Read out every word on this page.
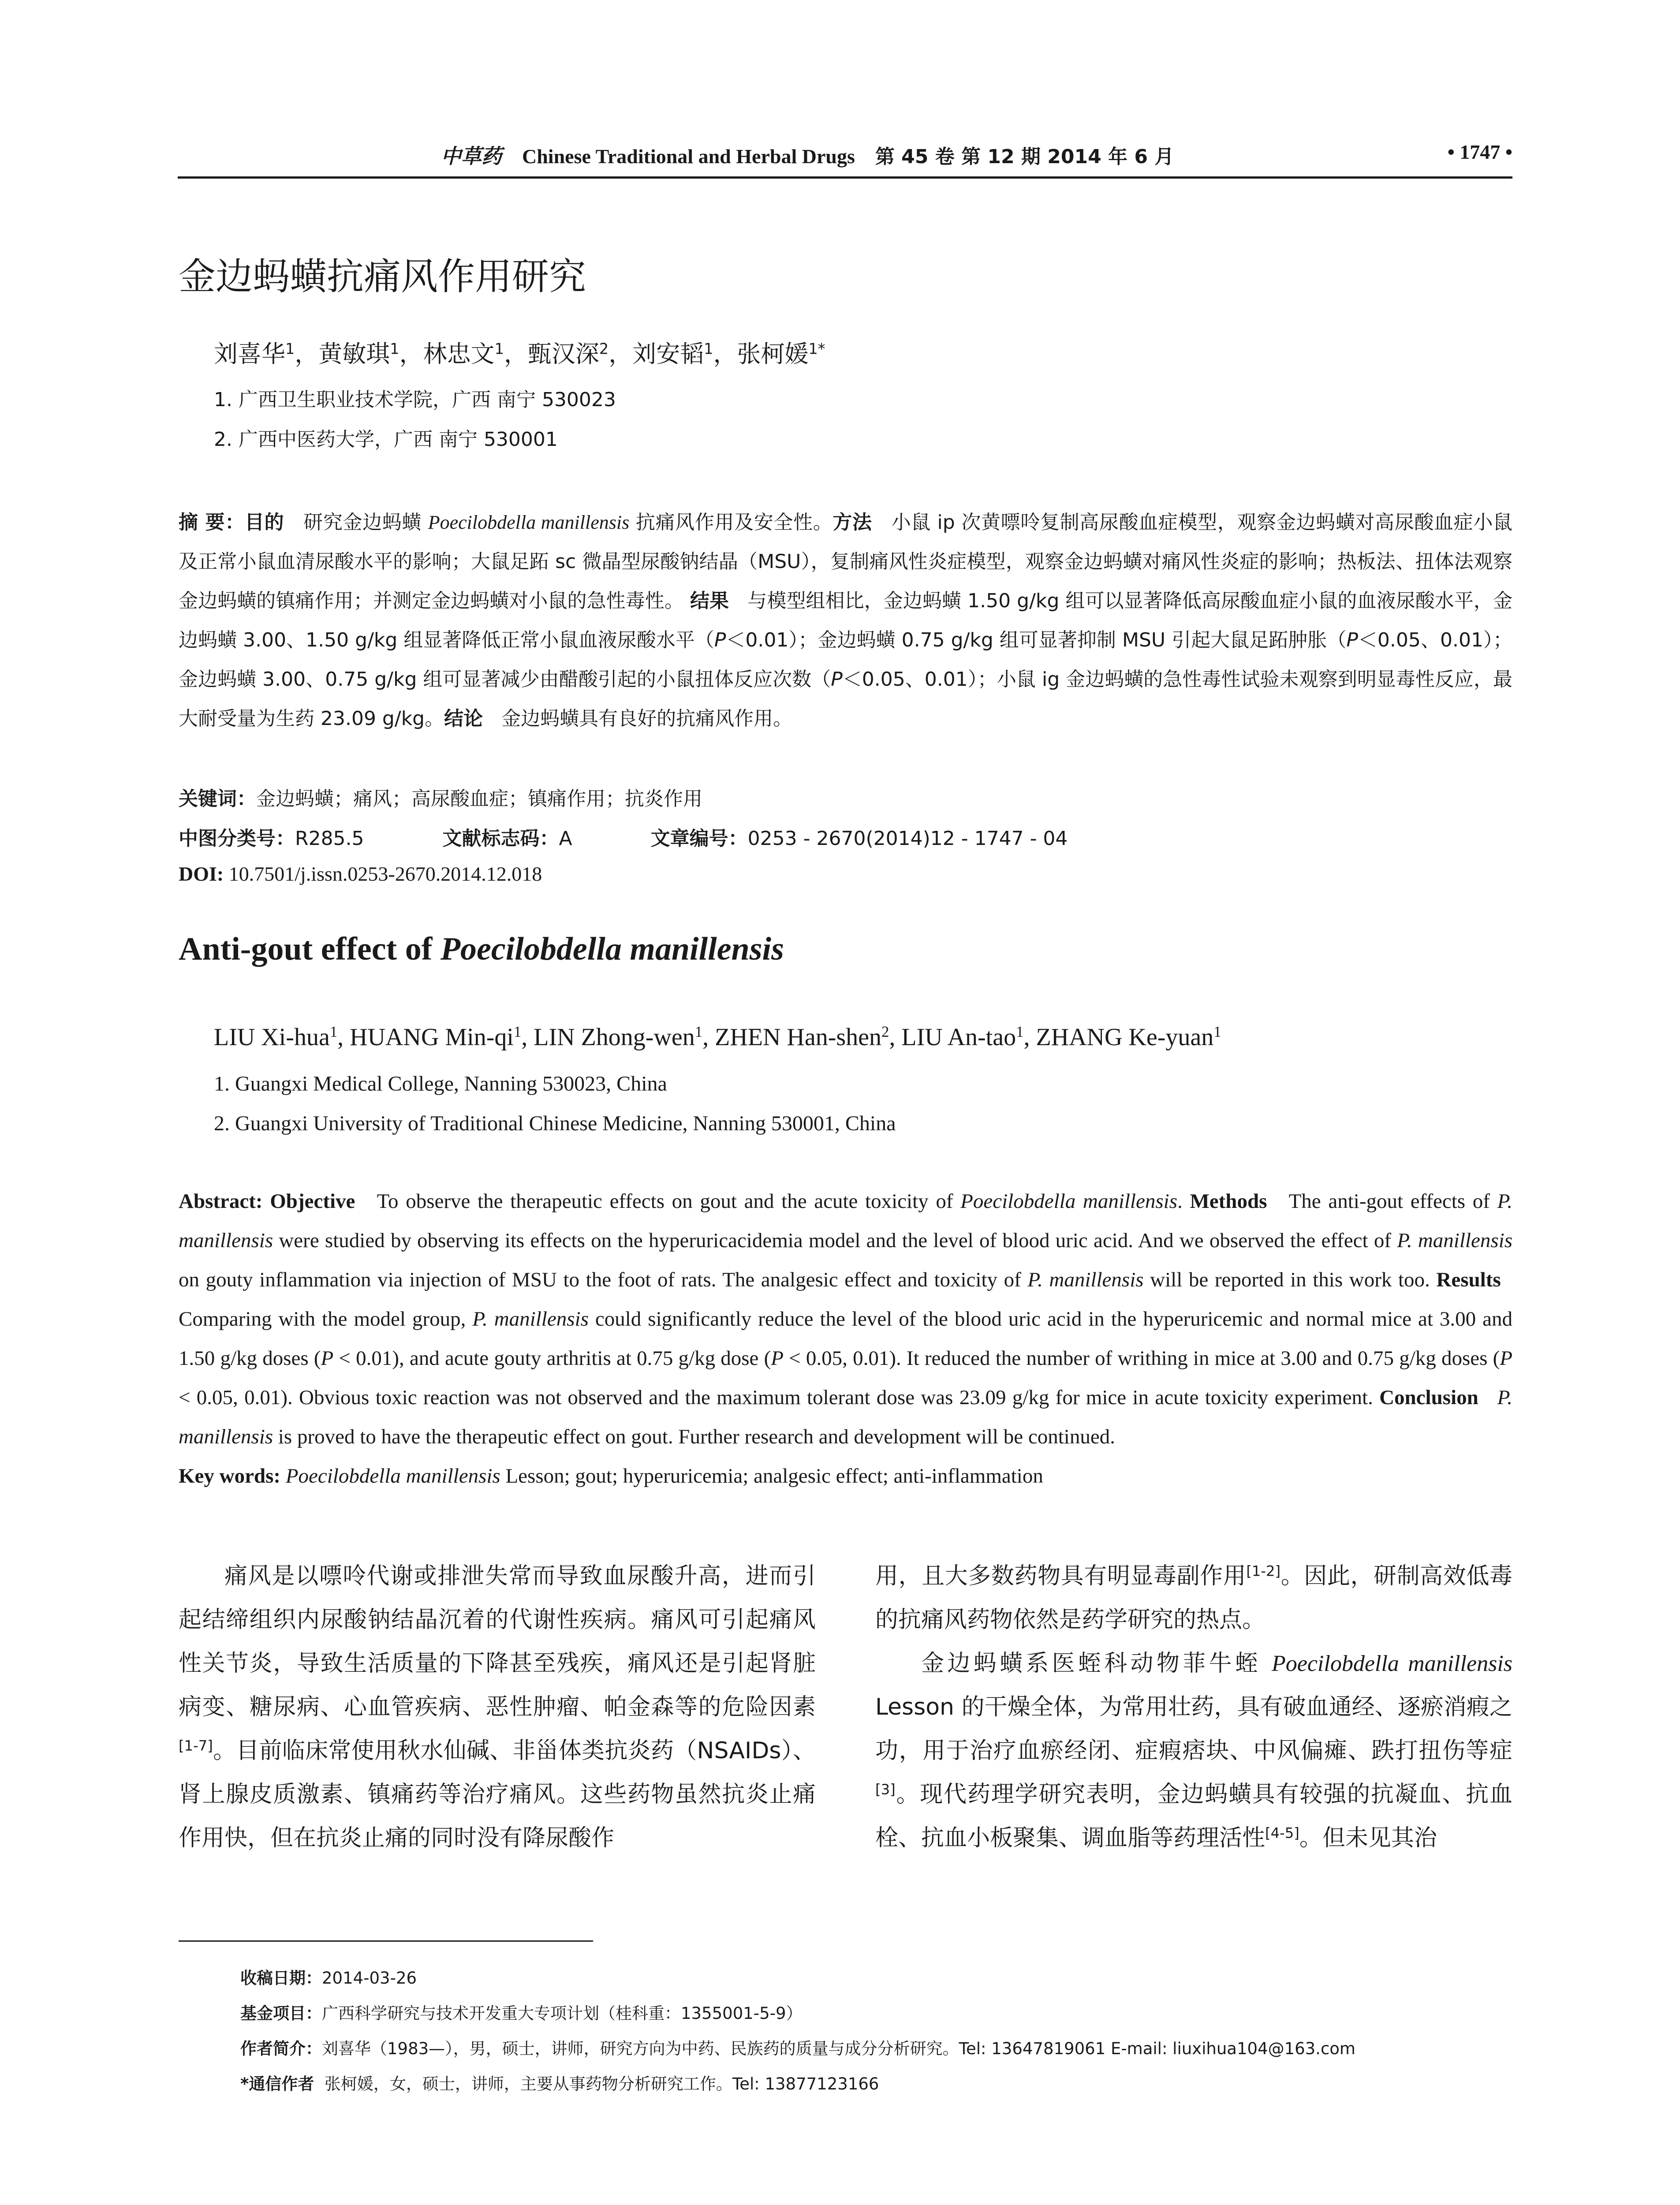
中草药 Chinese Traditional and Herbal Drugs 第 45 卷 第 12 期 2014 年 6 月	• 1747 •
金边蚂蟥抗痛风作用研究
刘喜华$^1$，黄敏琪$^1$，林忠文$^1$，甄汉深$^2$，刘安韬$^1$，张柯媛$^{1*}$
1. 广西卫生职业技术学院，广西 南宁 530023
2. 广西中医药大学，广西 南宁 530001
摘 要：目的 研究金边蚂蟥 Poecilobdella manillensis 抗痛风作用及安全性。方法 小鼠 ip 次黄嘌呤复制高尿酸血症模型，观察金边蚂蟥对高尿酸血症小鼠及正常小鼠血清尿酸水平的影响；大鼠足跖 sc 微晶型尿酸钠结晶（MSU），复制痛风性炎症模型，观察金边蚂蟥对痛风性炎症的影响；热板法、扭体法观察金边蚂蟥的镇痛作用；并测定金边蚂蟥对小鼠的急性毒性。 结果 与模型组相比，金边蚂蟥 1.50 g/kg 组可以显著降低高尿酸血症小鼠的血液尿酸水平，金边蚂蟥 3.00、1.50 g/kg 组显著降低正常小鼠血液尿酸水平（P＜0.01）；金边蚂蟥 0.75 g/kg 组可显著抑制 MSU 引起大鼠足跖肿胀（P＜0.05、0.01）；金边蚂蟥 3.00、0.75 g/kg 组可显著减少由醋酸引起的小鼠扭体反应次数（P＜0.05、0.01）；小鼠 ig 金边蚂蟥的急性毒性试验未观察到明显毒性反应，最大耐受量为生药 23.09 g/kg。结论 金边蚂蟥具有良好的抗痛风作用。
关键词：金边蚂蟥；痛风；高尿酸血症；镇痛作用；抗炎作用
中图分类号：R285.5	文献标志码：A	文章编号：0253 - 2670(2014)12 - 1747 - 04
DOI: 10.7501/j.issn.0253-2670.2014.12.018
Anti-gout effect of Poecilobdella manillensis
LIU Xi-hua$^1$, HUANG Min-$qi^1$, LIN Zhong-wen$^1$, ZHEN Han-shen$^2$, LIU An-tao$^1$, ZHANG Ke-yuan$^1$
1. Guangxi Medical College, Nanning 530023, China
2. Guangxi University of Traditional Chinese Medicine, Nanning 530001, China

Abstract: Objective To observe the therapeutic effects on gout and the acute toxicity of Poecilobdella manillensis. Methods The anti-gout effects of P. manillensis were studied by observing its effects on the hyperuricacidemia model and the level of blood uric acid. And we observed the effect of P. manillensis on gouty inflammation via injection of MSU to the foot of rats. The analgesic effect and toxicity of P. manillensis will be reported in this work too. Results   Comparing with the model group, P. manillensis could significantly reduce the level of the blood uric acid in the hyperuricemic and normal mice at 3.00 and 1.50 g/kg doses (P < 0.01), and acute gouty arthritis at 0.75 g/kg dose (P < 0.05, 0.01). It reduced the number of writhing in mice at 3.00 and 0.75 g/kg doses (P < 0.05, 0.01). Obvious toxic reaction was not observed and the maximum tolerant dose was 23.09 g/kg for mice in acute toxicity experiment. Conclusion P. manillensis is proved to have the therapeutic effect on gout. Further research and development will be continued.

Key words: Poecilobdella manillensis Lesson; gout; hyperuricemia; analgesic effect; anti-inflammation

痛风是以嘌呤代谢或排泄失常而导致血尿酸升高，进而引起结缔组织内尿酸钠结晶沉着的代谢性疾病。痛风可引起痛风性关节炎，导致生活质量的下降甚至残疾，痛风还是引起肾脏病变、糖尿病、心血管疾病、恶性肿瘤、帕金森等的危险因素[1-7]。目前临床常使用秋水仙碱、非甾体类抗炎药（NSAIDs）、肾上腺皮质激素、镇痛药等治疗痛风。这些药物虽然抗炎止痛作用快，但在抗炎止痛的同时没有降尿酸作

用，且大多数药物具有明显毒副作用[1-2]。因此，研制高效低毒的抗痛风药物依然是药学研究的热点。

金边蚂蟥系医蛭科动物菲牛蛭 Poecilobdella manillensis Lesson 的干燥全体，为常用壮药，具有破血通经、逐瘀消瘕之功，用于治疗血瘀经闭、症瘕痞块、中风偏瘫、跌打扭伤等症[3]。现代药理学研究表明，金边蚂蟥具有较强的抗凝血、抗血栓、抗血小板聚集、调血脂等药理活性[4-5]。但未见其治

收稿日期：2014-03-26
基金项目：广西科学研究与技术开发重大专项计划（桂科重：1355001-5-9）
作者简介：刘喜华（1983—），男，硕士，讲师，研究方向为中药、民族药的质量与成分分析研究。Tel: 13647819061 E-mail: liuxihua104@163.com
*通信作者 张柯媛，女，硕士，讲师，主要从事药物分析研究工作。Tel: 13877123166
